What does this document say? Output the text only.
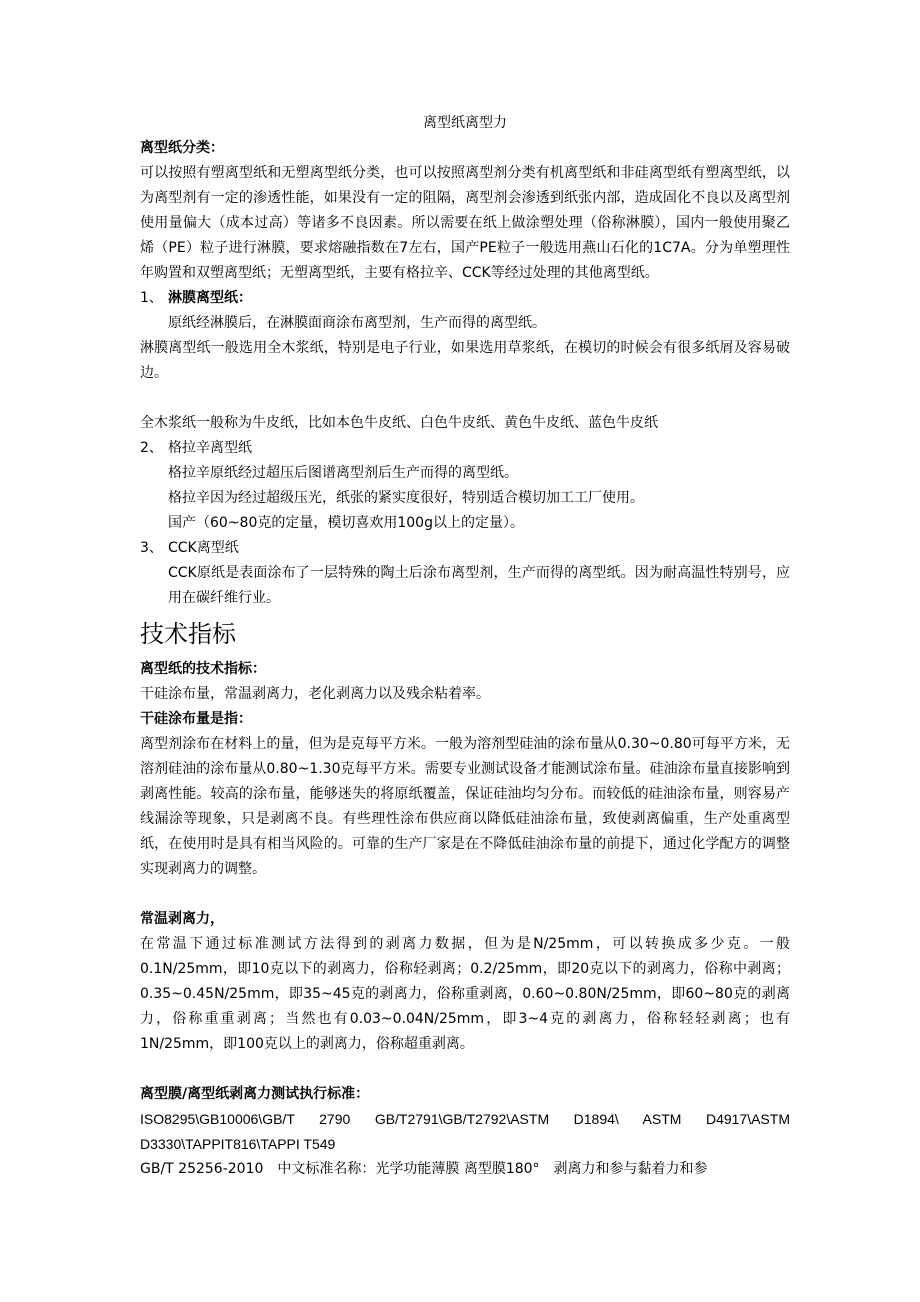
离型纸离型力

离型纸分类：

可以按照有塑离型纸和无塑离型纸分类，也可以按照离型剂分类有机离型纸和非硅离型纸有塑离型纸，以为离型剂有一定的渗透性能，如果没有一定的阻隔，离型剂会渗透到纸张内部，造成固化不良以及离型剂使用量偏大（成本过高）等诸多不良因素。所以需要在纸上做涂塑处理（俗称淋膜），国内一般使用聚乙烯（PE）粒子进行淋膜，要求熔融指数在7左右，国产PE粒子一般选用燕山石化的1C7A。分为单塑理性年购置和双塑离型纸；无塑离型纸，主要有格拉辛、CCK等经过处理的其他离型纸。

1、 淋膜离型纸：

原纸经淋膜后，在淋膜面商涂布离型剂，生产而得的离型纸。

淋膜离型纸一般选用全木浆纸，特别是电子行业，如果选用草浆纸，在模切的时候会有很多纸屑及容易破边。

全木浆纸一般称为牛皮纸，比如本色牛皮纸、白色牛皮纸、黄色牛皮纸、蓝色牛皮纸

2、 格拉辛离型纸

格拉辛原纸经过超压后图谱离型剂后生产而得的离型纸。

格拉辛因为经过超级压光，纸张的紧实度很好，特别适合模切加工工厂使用。

国产（60~80克的定量，模切喜欢用100g以上的定量）。

3、 CCK离型纸

CCK原纸是表面涂布了一层特殊的陶土后涂布离型剂，生产而得的离型纸。因为耐高温性特别号，应用在碳纤维行业。

技术指标

离型纸的技术指标：

干硅涂布量，常温剥离力，老化剥离力以及残余粘着率。

干硅涂布量是指：

离型剂涂布在材料上的量，但为是克每平方米。一般为溶剂型硅油的涂布量从0.30~0.80可每平方米，无溶剂硅油的涂布量从0.80~1.30克每平方米。需要专业测试设备才能测试涂布量。硅油涂布量直接影响到剥离性能。较高的涂布量，能够迷失的将原纸覆盖，保证硅油均匀分布。而较低的硅油涂布量，则容易产线漏涂等现象，只是剥离不良。有些理性涂布供应商以降低硅油涂布量，致使剥离偏重，生产处重离型纸，在使用时是具有相当风险的。可靠的生产厂家是在不降低硅油涂布量的前提下，通过化学配方的调整实现剥离力的调整。

常温剥离力，

在常温下通过标准测试方法得到的剥离力数据，但为是N/25mm，可以转换成多少克。一般0.1N/25mm，即10克以下的剥离力，俗称轻剥离；0.2/25mm，即20克以下的剥离力，俗称中剥离；0.35~0.45N/25mm，即35~45克的剥离力，俗称重剥离，0.60~0.80N/25mm，即60~80克的剥离力，俗称重重剥离；当然也有0.03~0.04N/25mm，即3~4克的剥离力，俗称轻轻剥离；也有1N/25mm，即100克以上的剥离力，俗称超重剥离。

离型膜/离型纸剥离力测试执行标准：

ISO8295\GB10006\GB/T 2790 GB/T2791\GB/T2792\ASTM D1894\ ASTM D4917\ASTM D3330\TAPPIT816\TAPPI T549

GB/T 25256-2010　中文标准名称：光学功能薄膜 离型膜180°　剥离力和参与黏着力和参
